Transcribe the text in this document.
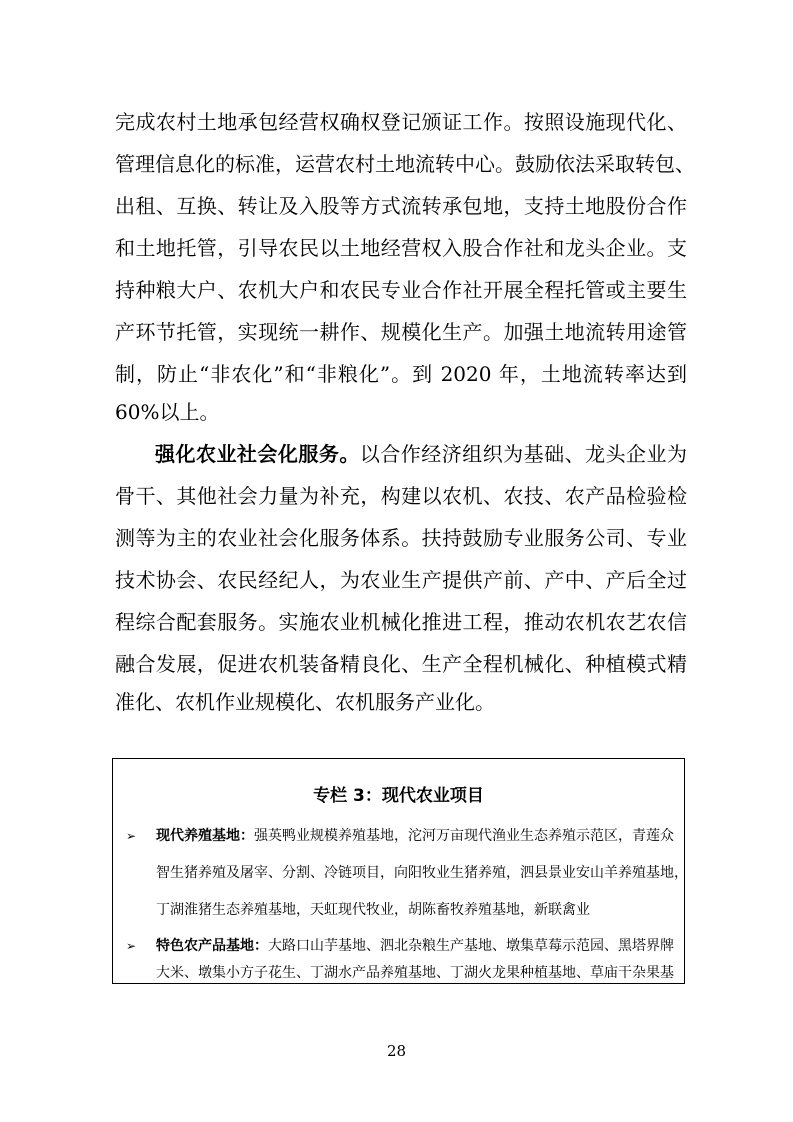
完成农村土地承包经营权确权登记颁证工作。按照设施现代化、
管理信息化的标准，运营农村土地流转中心。鼓励依法采取转包、
出租、互换、转让及入股等方式流转承包地，支持土地股份合作
和土地托管，引导农民以土地经营权入股合作社和龙头企业。支
持种粮大户、农机大户和农民专业合作社开展全程托管或主要生
产环节托管，实现统一耕作、规模化生产。加强土地流转用途管
制，防止“非农化”和“非粮化”。到 2020 年，土地流转率达到
60%以上。
强化农业社会化服务。以合作经济组织为基础、龙头企业为
骨干、其他社会力量为补充，构建以农机、农技、农产品检验检
测等为主的农业社会化服务体系。扶持鼓励专业服务公司、专业
技术协会、农民经纪人，为农业生产提供产前、产中、产后全过
程综合配套服务。实施农业机械化推进工程，推动农机农艺农信
融合发展，促进农机装备精良化、生产全程机械化、种植模式精
准化、农机作业规模化、农机服务产业化。
专栏 3：现代农业项目
➢ 现代养殖基地：强英鸭业规模养殖基地，沱河万亩现代渔业生态养殖示范区，青莲众
智生猪养殖及屠宰、分割、冷链项目，向阳牧业生猪养殖，泗县景业安山羊养殖基地，
丁湖淮猪生态养殖基地，天虹现代牧业，胡陈畜牧养殖基地，新联禽业
➢ 特色农产品基地：大路口山芋基地、泗北杂粮生产基地、墩集草莓示范园、黑塔界牌
大米、墩集小方子花生、丁湖水产品养殖基地、丁湖火龙果种植基地、草庙干杂果基
28
